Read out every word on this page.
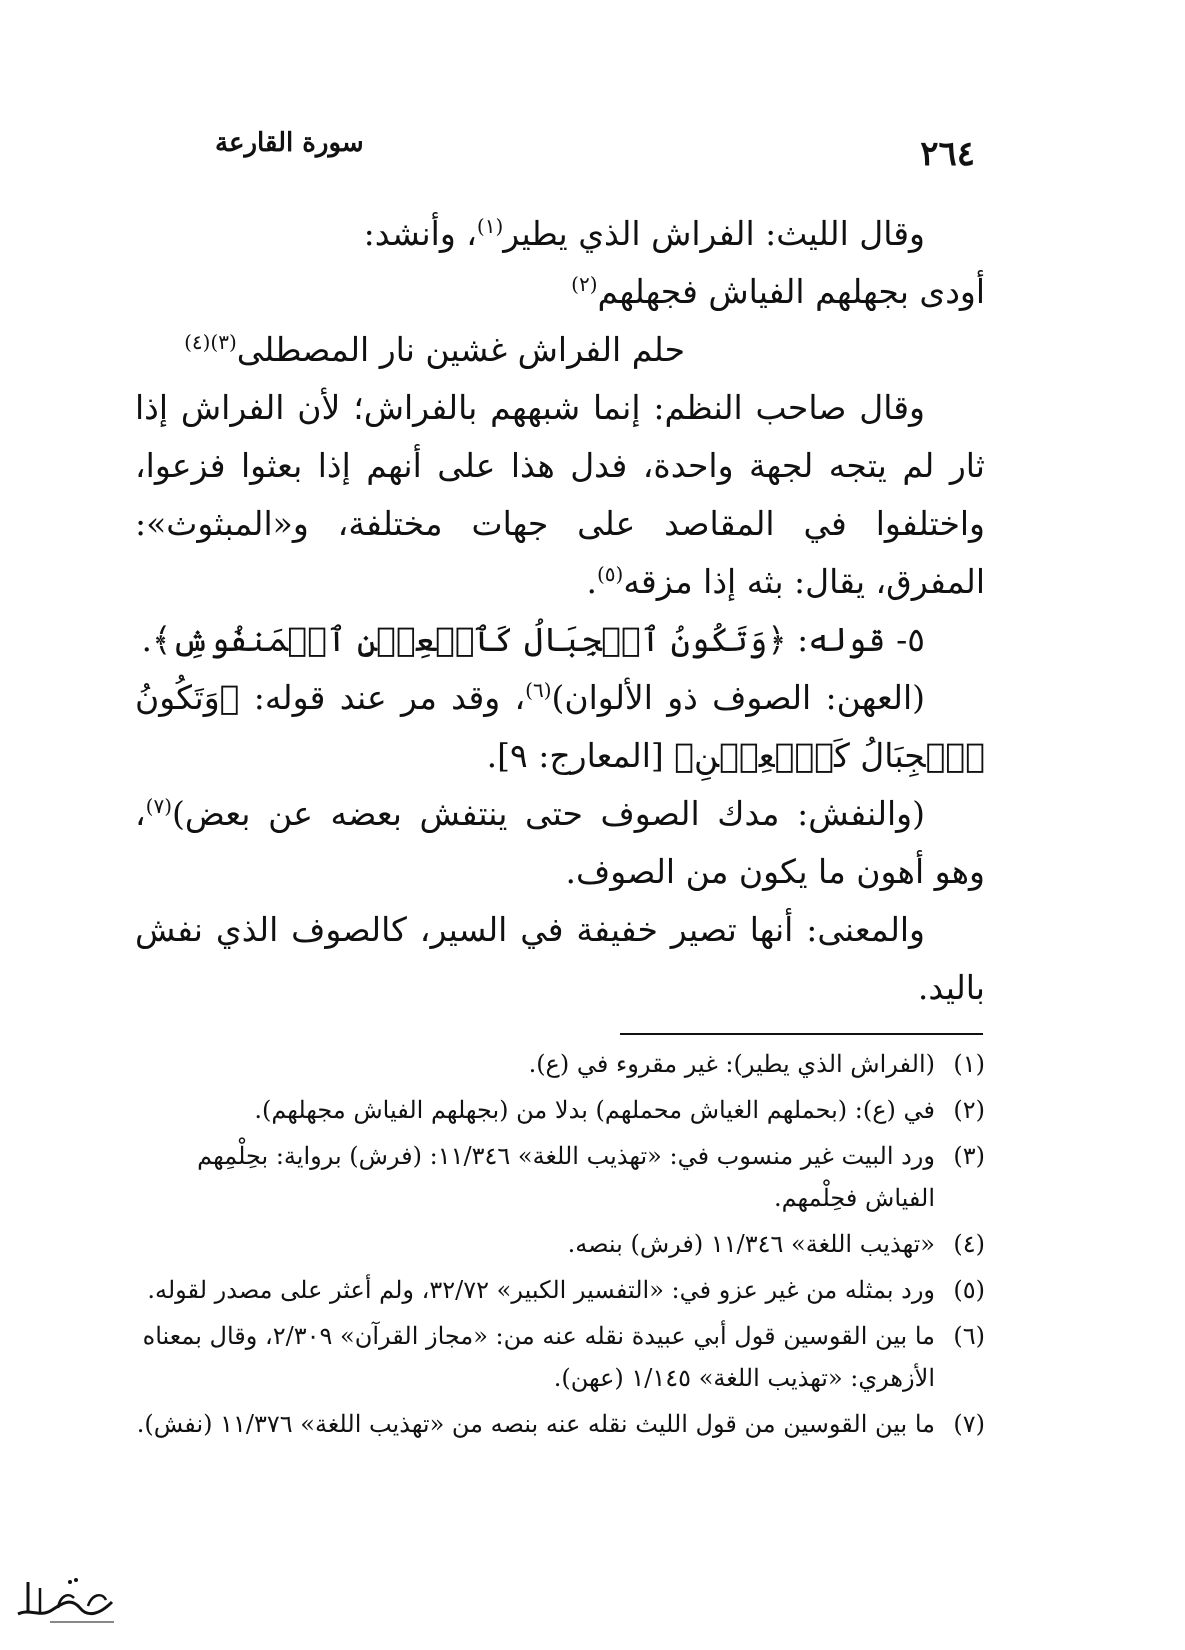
٢٦٤
سورة القارعة

وقال الليث: الفراش الذي يطير$^{(١)}$، وأنشد:

أودى بجهلهم الفياش فجهلهم$^{(٢)}$

حلم الفراش غشين نار المصطلى$^{(٣)(٤)}$

وقال صاحب النظم: إنما شبههم بالفراش؛ لأن الفراش إذا ثار لم يتجه لجهة واحدة، فدل هذا على أنهم إذا بعثوا فزعوا، واختلفوا في المقاصد على جهات مختلفة، و«المبثوث»: المفرق، يقال: بثه إذا مزقه$^{(٥)}$.

٥- قوله: ﴿وَتَكُونُ ٱلۡجِبَالُ كَٱلۡعِهۡنِ ٱلۡمَنفُوشِ﴾.

(العهن: الصوف ذو الألوان)$^{(٦)}$، وقد مر عند قوله: ﴿وَتَكُونُ ٱلۡجِبَالُ كَٱلۡعِهۡنِ﴾ [المعارج: ٩].

(والنفش: مدك الصوف حتى ينتفش بعضه عن بعض)$^{(٧)}$، وهو أهون ما يكون من الصوف.

والمعنى: أنها تصير خفيفة في السير، كالصوف الذي نفش باليد.

(١)
(الفراش الذي يطير): غير مقروء في (ع).

(٢)
في (ع): (بحملهم الغياش محملهم) بدلا من (بجهلهم الفياش مجهلهم).

(٣)
ورد البيت غير منسوب في: «تهذيب اللغة» ١١/٣٤٦: (فرش) برواية: بحِلْمِهم الفياش فحِلْمهم.

(٤)
«تهذيب اللغة» ١١/٣٤٦ (فرش) بنصه.

(٥)
ورد بمثله من غير عزو في: «التفسير الكبير» ٣٢/٧٢، ولم أعثر على مصدر لقوله.

(٦)
ما بين القوسين قول أبي عبيدة نقله عنه من: «مجاز القرآن» ٢/٣٠٩، وقال بمعناه الأزهري: «تهذيب اللغة» ١/١٤٥ (عهن).

(٧)
ما بين القوسين من قول الليث نقله عنه بنصه من «تهذيب اللغة» ١١/٣٧٦ (نفش).
